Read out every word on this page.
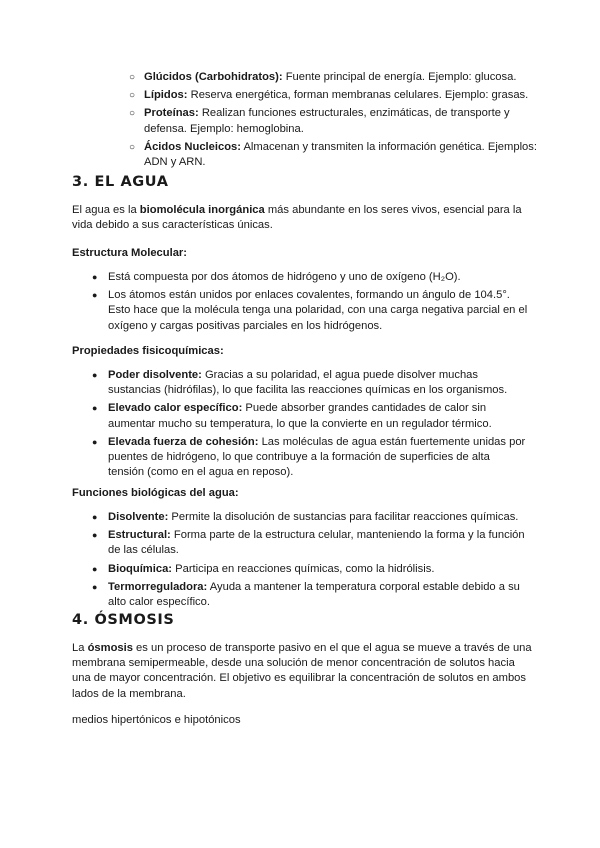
○ Glúcidos (Carbohidratos): Fuente principal de energía. Ejemplo: glucosa.
○ Lípidos: Reserva energética, forman membranas celulares. Ejemplo: grasas.
○ Proteínas: Realizan funciones estructurales, enzimáticas, de transporte y defensa. Ejemplo: hemoglobina.
○ Ácidos Nucleicos: Almacenan y transmiten la información genética. Ejemplos: ADN y ARN.
3. EL AGUA

El agua es la biomolécula inorgánica más abundante en los seres vivos, esencial para la vida debido a sus características únicas.

Estructura Molecular:

● Está compuesta por dos átomos de hidrógeno y uno de oxígeno (H₂O).
● Los átomos están unidos por enlaces covalentes, formando un ángulo de 104.5°. Esto hace que la molécula tenga una polaridad, con una carga negativa parcial en el oxígeno y cargas positivas parciales en los hidrógenos.

Propiedades fisicoquímicas:

● Poder disolvente: Gracias a su polaridad, el agua puede disolver muchas sustancias (hidrófilas), lo que facilita las reacciones químicas en los organismos.
● Elevado calor específico: Puede absorber grandes cantidades de calor sin aumentar mucho su temperatura, lo que la convierte en un regulador térmico.
● Elevada fuerza de cohesión: Las moléculas de agua están fuertemente unidas por puentes de hidrógeno, lo que contribuye a la formación de superficies de alta tensión (como en el agua en reposo).

Funciones biológicas del agua:

● Disolvente: Permite la disolución de sustancias para facilitar reacciones químicas.
● Estructural: Forma parte de la estructura celular, manteniendo la forma y la función de las células.
● Bioquímica: Participa en reacciones químicas, como la hidrólisis.
● Termorreguladora: Ayuda a mantener la temperatura corporal estable debido a su alto calor específico.
4. ÓSMOSIS

La ósmosis es un proceso de transporte pasivo en el que el agua se mueve a través de una membrana semipermeable, desde una solución de menor concentración de solutos hacia una de mayor concentración. El objetivo es equilibrar la concentración de solutos en ambos lados de la membrana.

medios hipertónicos e hipotónicos
